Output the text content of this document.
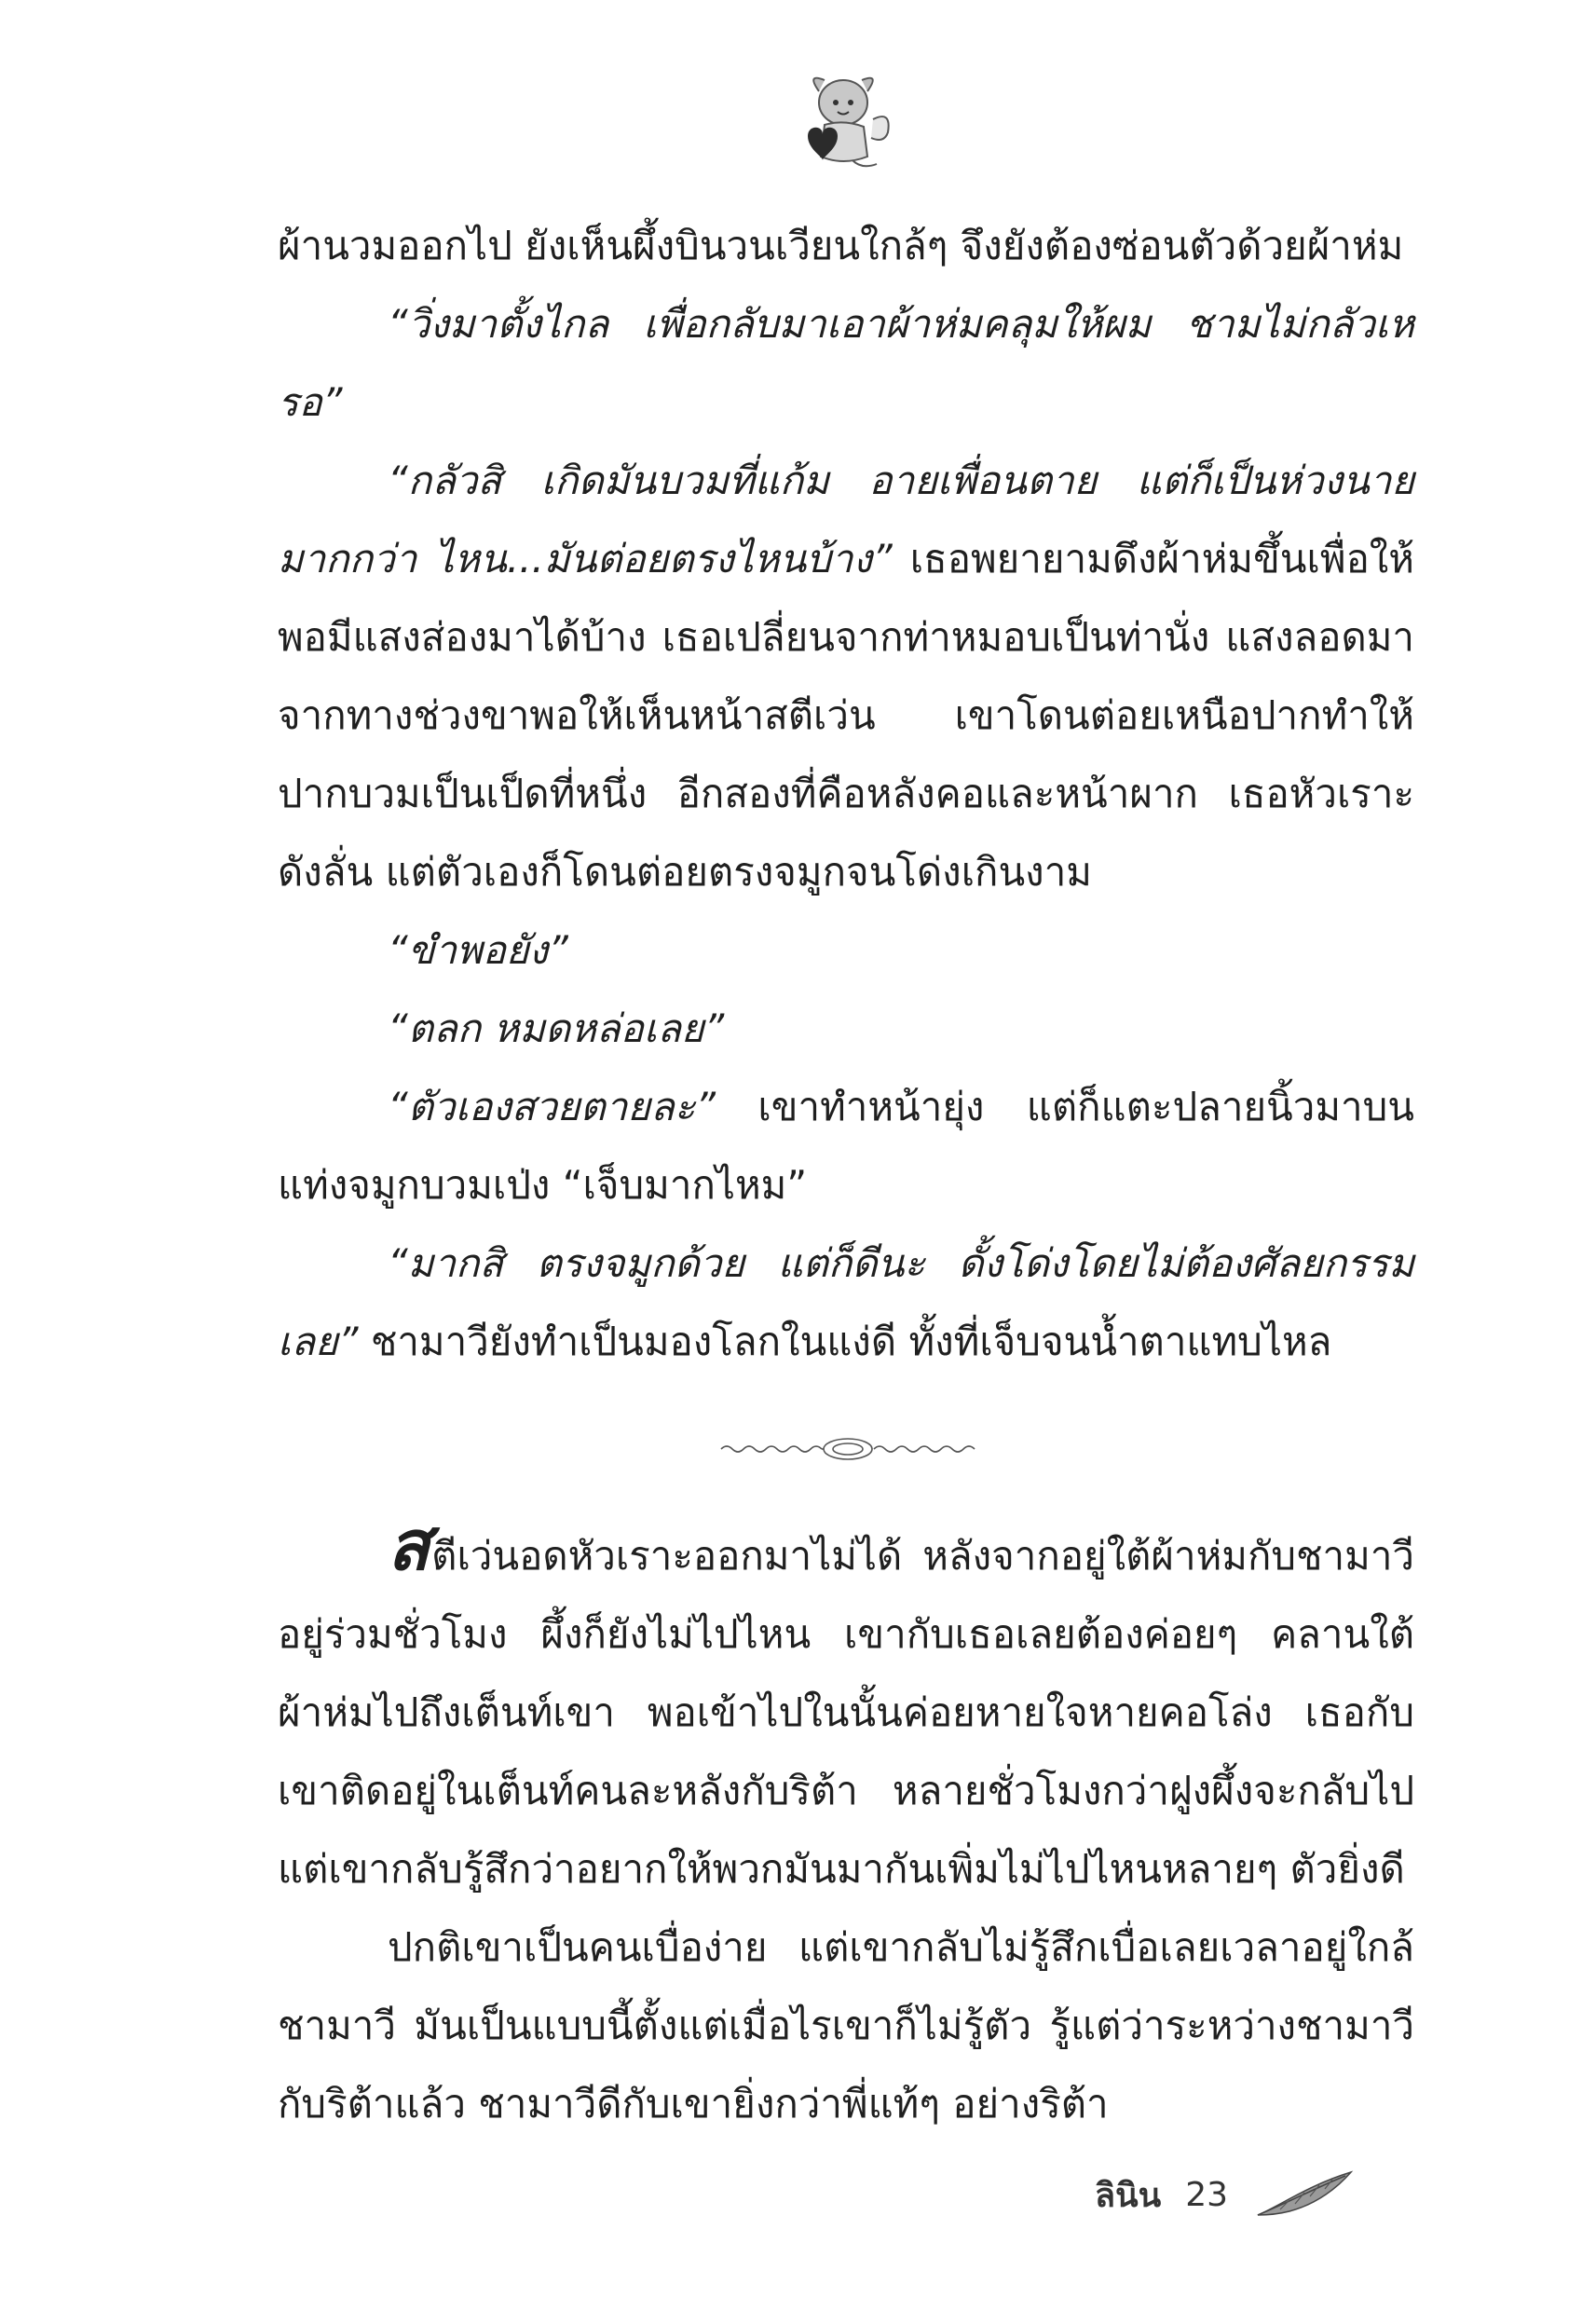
ผ้านวมออกไป ยังเห็นผึ้งบินวนเวียนใกล้ๆ จึงยังต้องซ่อนตัวด้วยผ้าห่ม

“วิ่งมาตั้งไกล เพื่อกลับมาเอาผ้าห่มคลุมให้ผม ชามไม่กลัวเหรอ”

“กลัวสิ เกิดมันบวมที่แก้ม อายเพื่อนตาย แต่ก็เป็นห่วงนายมากกว่า ไหน...มันต่อยตรงไหนบ้าง” เธอพยายามดึงผ้าห่มขึ้นเพื่อให้พอมีแสงส่องมาได้บ้าง เธอเปลี่ยนจากท่าหมอบเป็นท่านั่ง แสงลอดมาจากทางช่วงขาพอให้เห็นหน้าสตีเว่น เขาโดนต่อยเหนือปากทำให้ปากบวมเป็นเป็ดที่หนึ่ง อีกสองที่คือหลังคอและหน้าผาก เธอหัวเราะดังลั่น แต่ตัวเองก็โดนต่อยตรงจมูกจนโด่งเกินงาม

“ขำพอยัง”

“ตลก หมดหล่อเลย”

“ตัวเองสวยตายละ” เขาทำหน้ายุ่ง แต่ก็แตะปลายนิ้วมาบนแท่งจมูกบวมเป่ง “เจ็บมากไหม”

“มากสิ ตรงจมูกด้วย แต่ก็ดีนะ ดั้งโด่งโดยไม่ต้องศัลยกรรมเลย” ชามาวียังทำเป็นมองโลกในแง่ดี ทั้งที่เจ็บจนน้ำตาแทบไหล

สตีเว่นอดหัวเราะออกมาไม่ได้ หลังจากอยู่ใต้ผ้าห่มกับชามาวีอยู่ร่วมชั่วโมง ผึ้งก็ยังไม่ไปไหน เขากับเธอเลยต้องค่อยๆ คลานใต้ผ้าห่มไปถึงเต็นท์เขา พอเข้าไปในนั้นค่อยหายใจหายคอโล่ง เธอกับเขาติดอยู่ในเต็นท์คนละหลังกับริต้า หลายชั่วโมงกว่าฝูงผึ้งจะกลับไป แต่เขากลับรู้สึกว่าอยากให้พวกมันมากันเพิ่มไม่ไปไหนหลายๆ ตัวยิ่งดี

ปกติเขาเป็นคนเบื่อง่าย แต่เขากลับไม่รู้สึกเบื่อเลยเวลาอยู่ใกล้ชามาวี มันเป็นแบบนี้ตั้งแต่เมื่อไรเขาก็ไม่รู้ตัว รู้แต่ว่าระหว่างชามาวีกับริต้าแล้ว ชามาวีดีกับเขายิ่งกว่าพี่แท้ๆ อย่างริต้า

ลินิน 23
